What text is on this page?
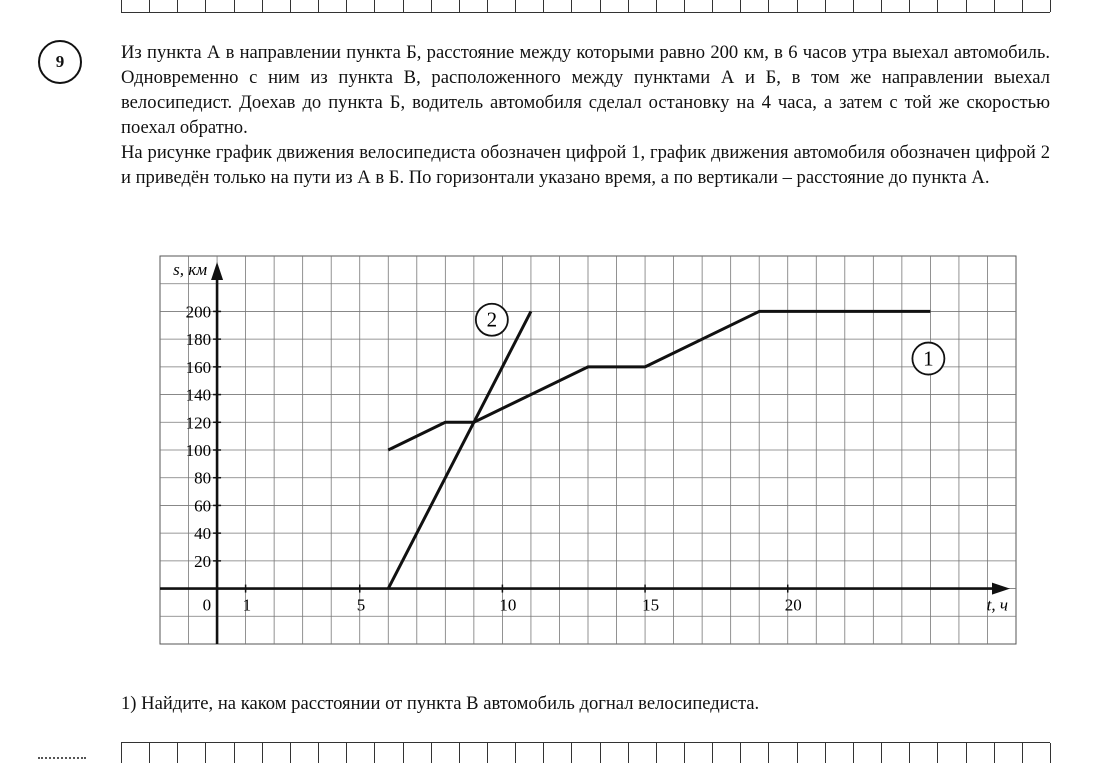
9	Из пункта А в направлении пункта Б, расстояние между которыми равно 200 км, в 6 часов утра выехал автомобиль. Одновременно с ним из пункта В, расположенного между пунктами А и Б, в том же направлении выехал велосипедист. Доехав до пункта Б, водитель автомобиля сделал остановку на 4 часа, а затем с той же скоростью поехал обратно.

На рисунке график движения велосипедиста обозначен цифрой 1, график движения автомобиля обозначен цифрой 2 и приведён только на пути из А в Б. По горизонтали указано время, а по вертикали – расстояние до пункта А.

1	5	10	15	20
20
40
60
80
100
120
140
160
180
200
0	t, ч
s, км
1
2
1) Найдите, на каком расстоянии от пункта В автомобиль догнал велосипедиста.
